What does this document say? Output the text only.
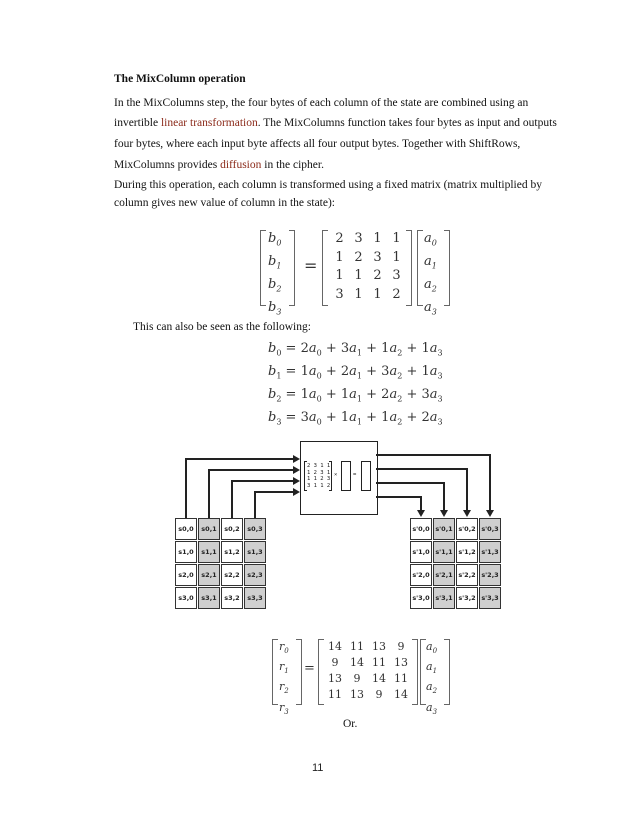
The MixColumn operation
In the MixColumns step, the four bytes of each column of the state are combined using an
invertible linear transformation. The MixColumns function takes four bytes as input and outputs
four bytes, where each input byte affects all four output bytes. Together with ShiftRows,
MixColumns provides diffusion in the cipher.
During this operation, each column is transformed using a fixed matrix (matrix multiplied by
column gives new value of column in the state):
$b_0$
$b_1$
$b_2$
$b_3$
=
2 3 1 1
1 2 3 1
1 1 2 3
3 1 1 2
$a_0$
$a_1$
$a_2$
$a_3$
This can also be seen as the following:
$b_0 = 2a_0 + 3a_1 + 1a_2 + 1a_3$
$b_1 = 1a_0 + 2a_1 + 3a_2 + 1a_3$
$b_2 = 1a_0 + 1a_1 + 2a_2 + 3a_3$
$b_3 = 3a_0 + 1a_1 + 1a_2 + 2a_3$
2 3 1 1
1 2 3 1
1 1 2 3
3 1 1 2
×	=
s0,0	s0,1	s0,2	s0,3
s1,0	s1,1	s1,2	s1,3
s2,0	s2,1	s2,2	s2,3
s3,0	s3,1	s3,2	s3,3
s'0,0 s'0,1 s'0,2 s'0,3
s'1,0 s'1,1 s'1,2 s'1,3
s'2,0 s'2,1 s'2,2 s'2,3
s'3,0 s'3,1 s'3,2 s'3,3
$r_0$
$r_1$
$r_2$
$r_3$
=
14 11 13	9
9	14 11 13
13	9	14 11
11 13	9	14
$a_0$
$a_1$
$a_2$
$a_3$
Or.
11
